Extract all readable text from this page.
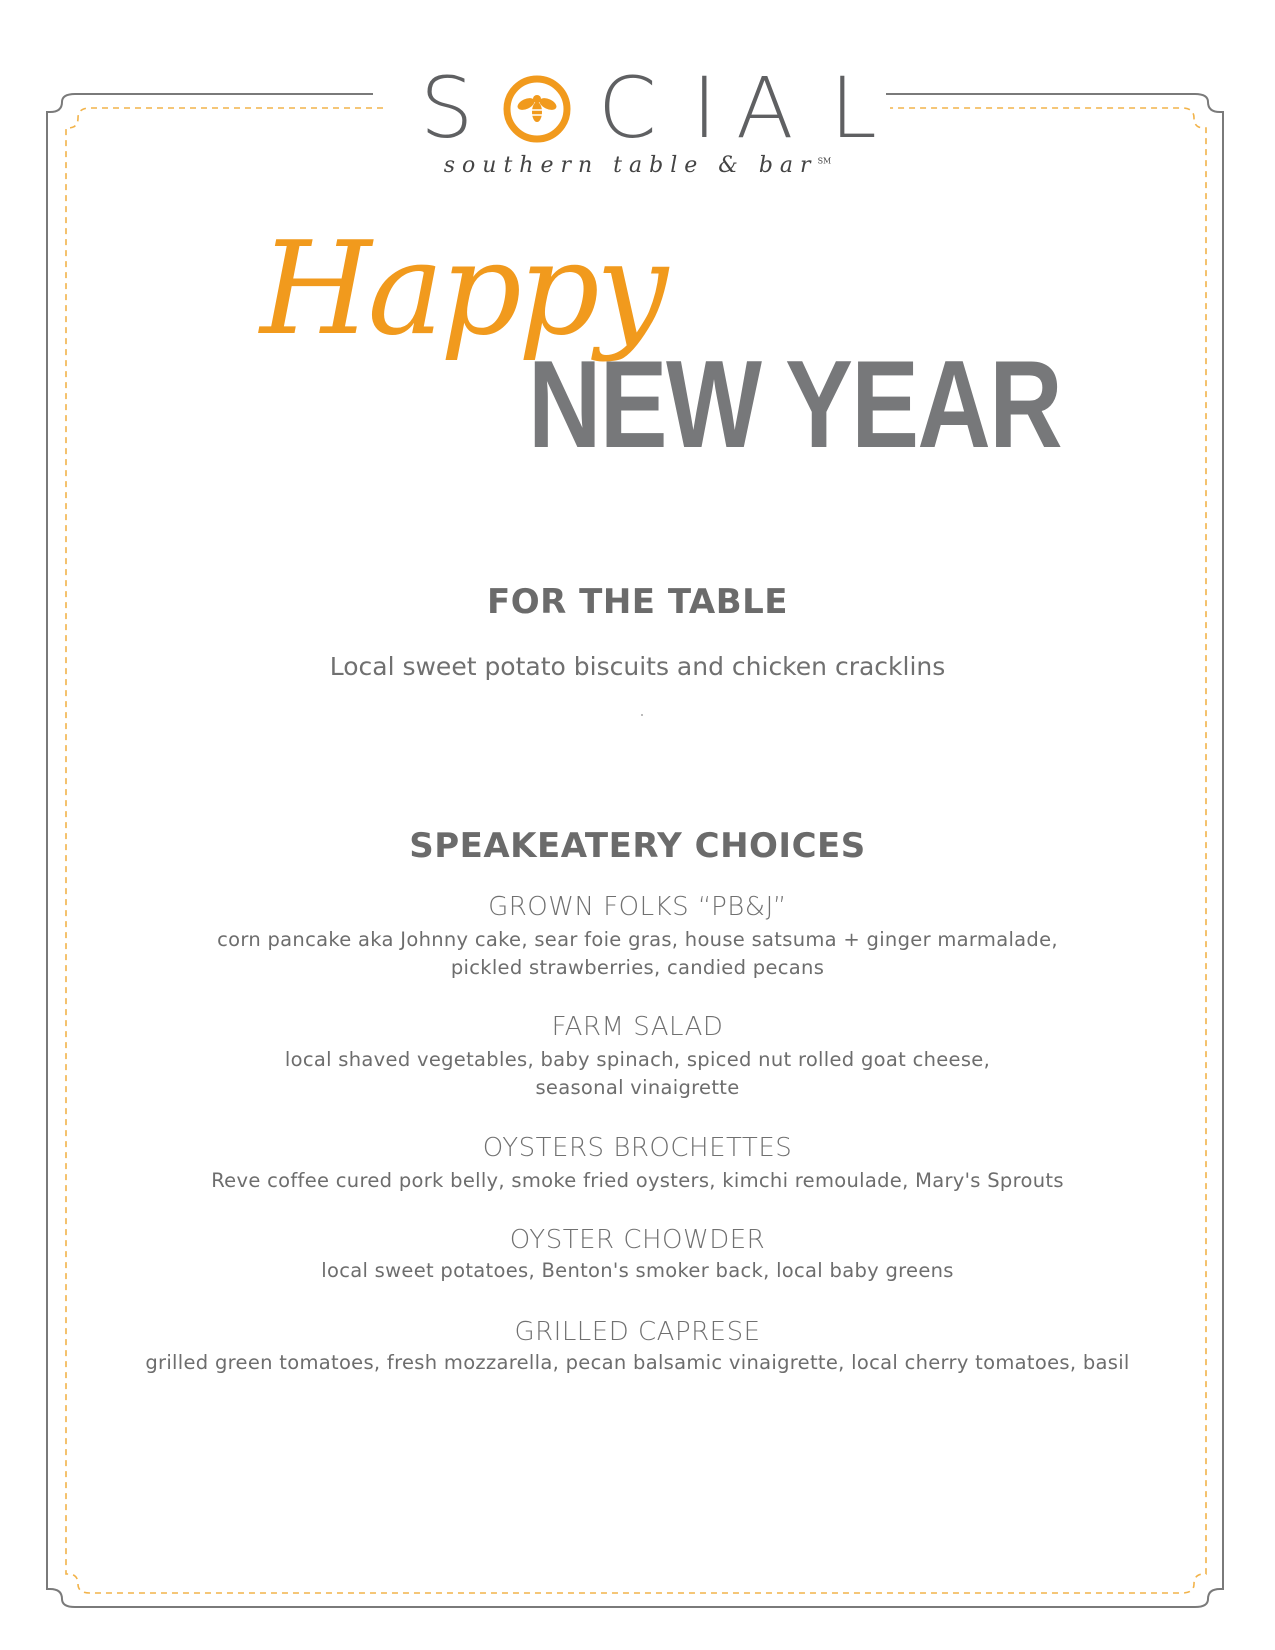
S C I A L
southern table & bar℠
Happy
NEW YEAR
FOR THE TABLE
Local sweet potato biscuits and chicken cracklins
SPEAKEATERY CHOICES
GROWN FOLKS “PB&J”
corn pancake aka Johnny cake, sear foie gras, house satsuma + ginger marmalade,
pickled strawberries, candied pecans
FARM SALAD
local shaved vegetables, baby spinach, spiced nut rolled goat cheese,
seasonal vinaigrette
OYSTERS BROCHETTES
Reve coffee cured pork belly, smoke fried oysters, kimchi remoulade, Mary's Sprouts
OYSTER CHOWDER
local sweet potatoes, Benton's smoker back, local baby greens
GRILLED CAPRESE
grilled green tomatoes, fresh mozzarella, pecan balsamic vinaigrette, local cherry tomatoes, basil
